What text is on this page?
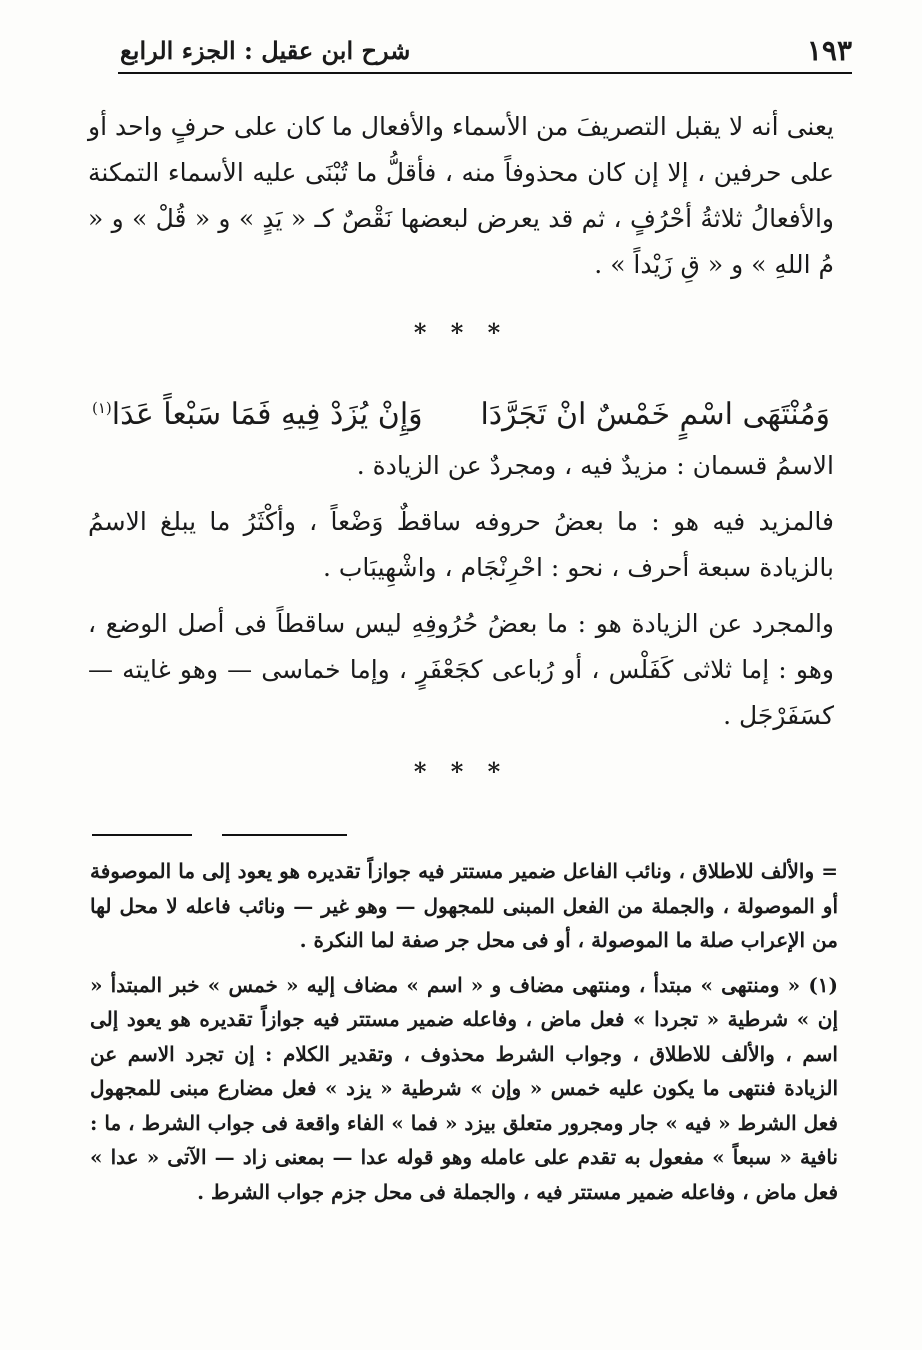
١٩٣
شرح ابن عقيل : الجزء الرابع

يعنى أنه لا يقبل التصريفَ من الأسماء والأفعال ما كان على حرفٍ واحد أو على حرفين ، إلا إن كان محذوفاً منه ، فأقلُّ ما تُبْنَى عليه الأسماء التمكنة والأفعالُ ثلاثةُ أحْرُفٍ ، ثم قد يعرض لبعضها نَقْصٌ كـ « يَدٍ » و « قُلْ » و « مُ اللهِ » و « قِ زَيْداً » .

* * *
وَمُنْتَهَى اسْمٍ خَمْسٌ انْ تَجَرَّدَا
وَإِنْ يُزَدْ فِيهِ فَمَا سَبْعاً عَدَا$^{(١)}$

الاسمُ قسمان : مزيدٌ فيه ، ومجردٌ عن الزيادة .

فالمزيد فيه هو : ما بعضُ حروفه ساقطٌ وَضْعاً ، وأكْثَرُ ما يبلغ الاسمُ بالزيادة سبعة أحرف ، نحو : احْرِنْجَام ، واشْهِيبَاب .

والمجرد عن الزيادة هو : ما بعضُ حُرُوفِهِ ليس ساقطاً فى أصل الوضع ، وهو : إما ثلاثى كَفَلْس ، أو رُباعى كجَعْفَرٍ ، وإما خماسى — وهو غايته — كسَفَرْجَل .

* * *

= والألف للاطلاق ، ونائب الفاعل ضمير مستتر فيه جوازاً تقديره هو يعود إلى ما الموصوفة أو الموصولة ، والجملة من الفعل المبنى للمجهول — وهو غير — ونائب فاعله لا محل لها من الإعراب صلة ما الموصولة ، أو فى محل جر صفة لما النكرة .

(١) « ومنتهى » مبتدأ ، ومنتهى مضاف و « اسم » مضاف إليه « خمس » خبر المبتدأ « إن » شرطية « تجردا » فعل ماض ، وفاعله ضمير مستتر فيه جوازاً تقديره هو يعود إلى اسم ، والألف للاطلاق ، وجواب الشرط محذوف ، وتقدير الكلام : إن تجرد الاسم عن الزيادة فنتهى ما يكون عليه خمس « وإن » شرطية « يزد » فعل مضارع مبنى للمجهول فعل الشرط « فيه » جار ومجرور متعلق بيزد « فما » الفاء واقعة فى جواب الشرط ، ما : نافية « سبعاً » مفعول به تقدم على عامله وهو قوله عدا — بمعنى زاد — الآتى « عدا » فعل ماض ، وفاعله ضمير مستتر فيه ، والجملة فى محل جزم جواب الشرط .
